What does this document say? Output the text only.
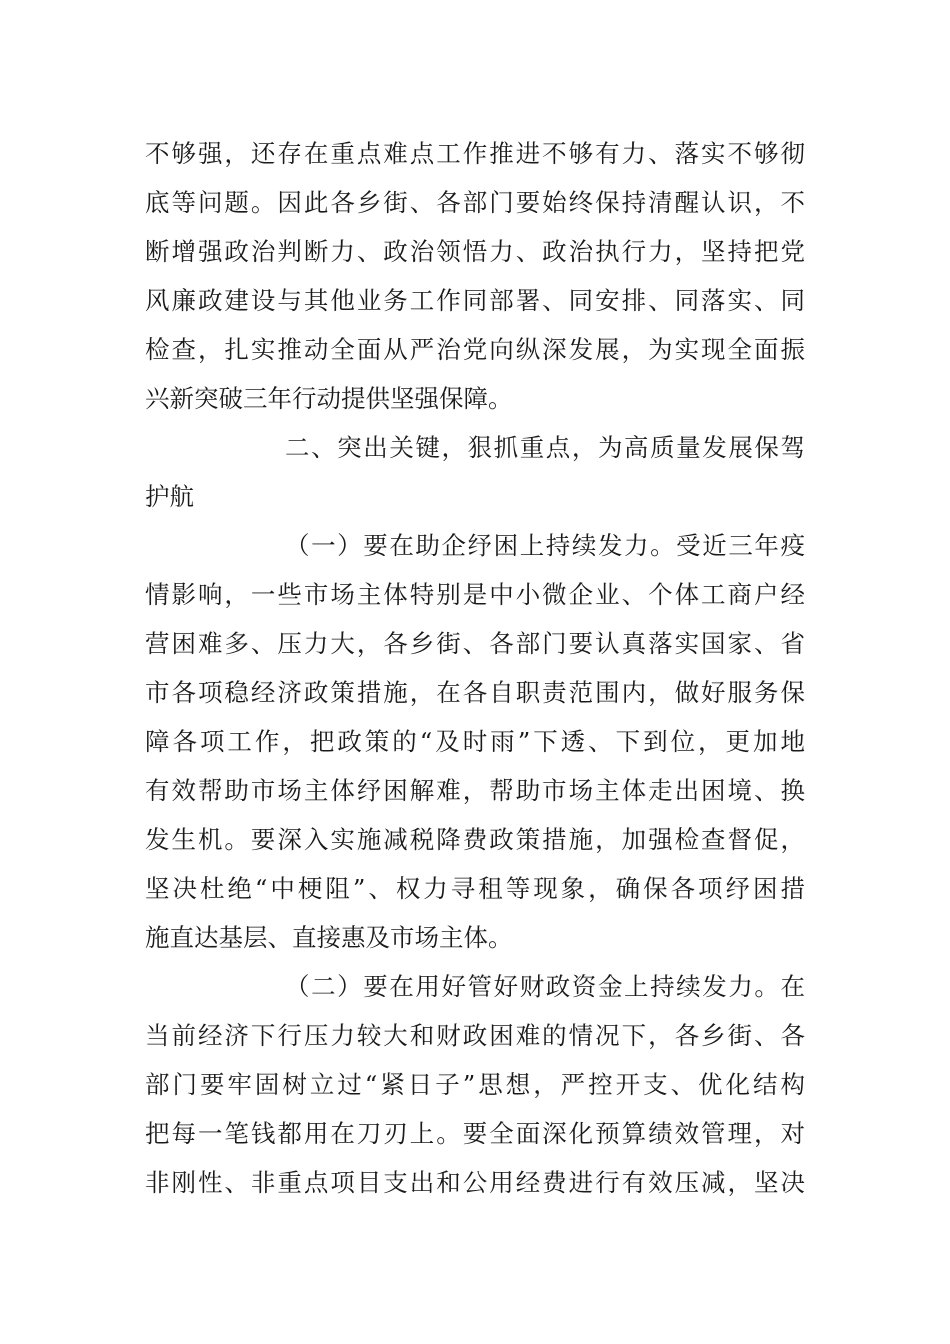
不够强，还存在重点难点工作推进不够有力、落实不够彻
底等问题。因此各乡街、各部门要始终保持清醒认识，不
断增强政治判断力、政治领悟力、政治执行力，坚持把党
风廉政建设与其他业务工作同部署、同安排、同落实、同
检查，扎实推动全面从严治党向纵深发展，为实现全面振
兴新突破三年行动提供坚强保障。
二、突出关键，狠抓重点，为高质量发展保驾
护航
（一）要在助企纾困上持续发力。受近三年疫
情影响，一些市场主体特别是中小微企业、个体工商户经
营困难多、压力大，各乡街、各部门要认真落实国家、省
市各项稳经济政策措施，在各自职责范围内，做好服务保
障各项工作，把政策的“及时雨”下透、下到位，更加地
有效帮助市场主体纾困解难，帮助市场主体走出困境、换
发生机。要深入实施减税降费政策措施，加强检查督促，
坚决杜绝“中梗阻”、权力寻租等现象，确保各项纾困措
施直达基层、直接惠及市场主体。
（二）要在用好管好财政资金上持续发力。在
当前经济下行压力较大和财政困难的情况下，各乡街、各
部门要牢固树立过“紧日子”思想，严控开支、优化结构
把每一笔钱都用在刀刃上。要全面深化预算绩效管理，对
非刚性、非重点项目支出和公用经费进行有效压减，坚决
